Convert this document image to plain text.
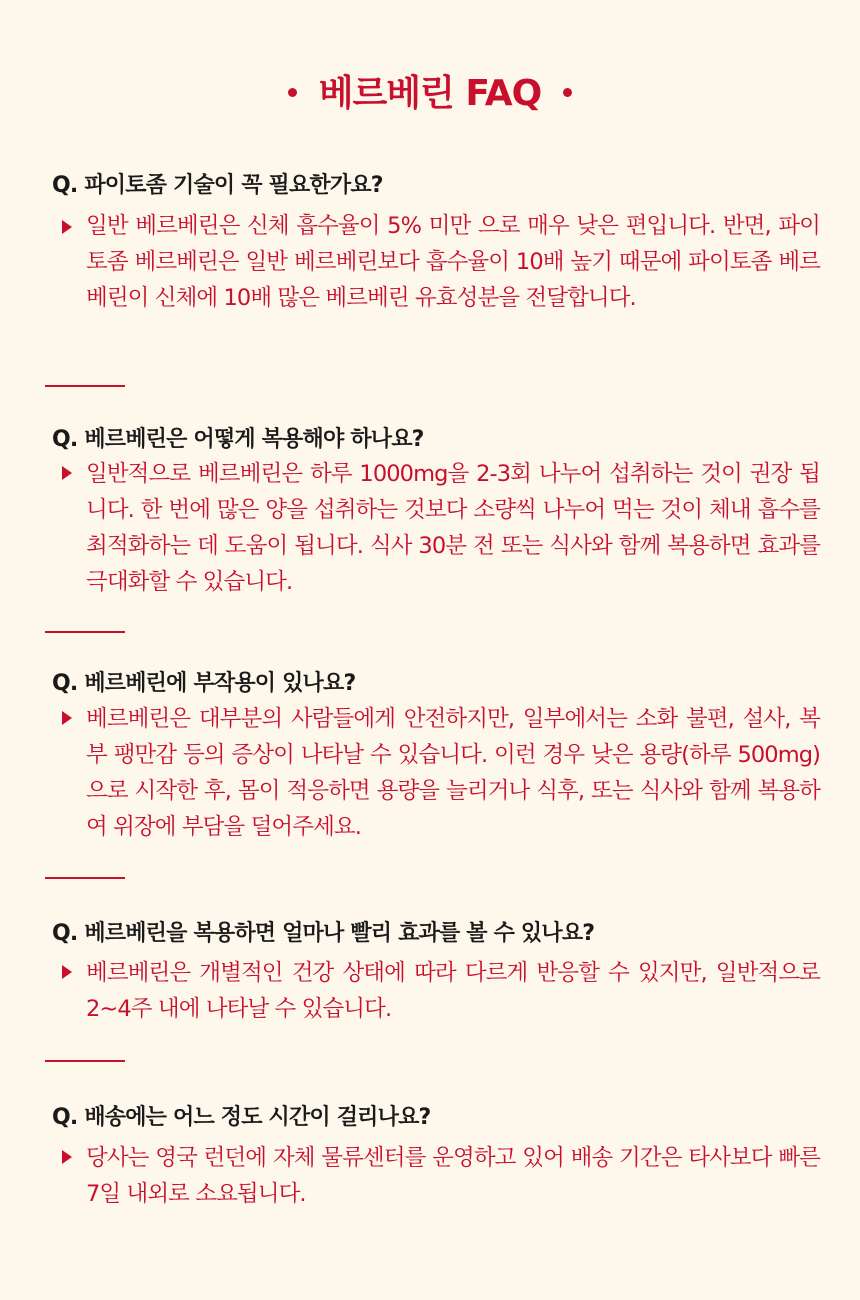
베르베린 FAQ
Q. 파이토좀 기술이 꼭 필요한가요?

일반 베르베린은 신체 흡수율이 5% 미만 으로 매우 낮은 편입니다. 반면, 파이토좀 베르베린은 일반 베르베린보다 흡수율이 10배 높기 때문에 파이토좀 베르베린이 신체에 10배 많은 베르베린 유효성분을 전달합니다.

Q. 베르베린은 어떻게 복용해야 하나요?

일반적으로 베르베린은 하루 1000mg을 2-3회 나누어 섭취하는 것이 권장 됩니다. 한 번에 많은 양을 섭취하는 것보다 소량씩 나누어 먹는 것이 체내 흡수를 최적화하는 데 도움이 됩니다. 식사 30분 전 또는 식사와 함께 복용하면 효과를 극대화할 수 있습니다.

Q. 베르베린에 부작용이 있나요?

베르베린은 대부분의 사람들에게 안전하지만, 일부에서는 소화 불편, 설사, 복부 팽만감 등의 증상이 나타날 수 있습니다. 이런 경우 낮은 용량(하루 500mg)으로 시작한 후, 몸이 적응하면 용량을 늘리거나 식후, 또는 식사와 함께 복용하여 위장에 부담을 덜어주세요.

Q. 베르베린을 복용하면 얼마나 빨리 효과를 볼 수 있나요?

베르베린은 개별적인 건강 상태에 따라 다르게 반응할 수 있지만, 일반적으로 2~4주 내에 나타날 수 있습니다.

Q. 배송에는 어느 정도 시간이 걸리나요?

당사는 영국 런던에 자체 물류센터를 운영하고 있어 배송 기간은 타사보다 빠른 7일 내외로 소요됩니다.
